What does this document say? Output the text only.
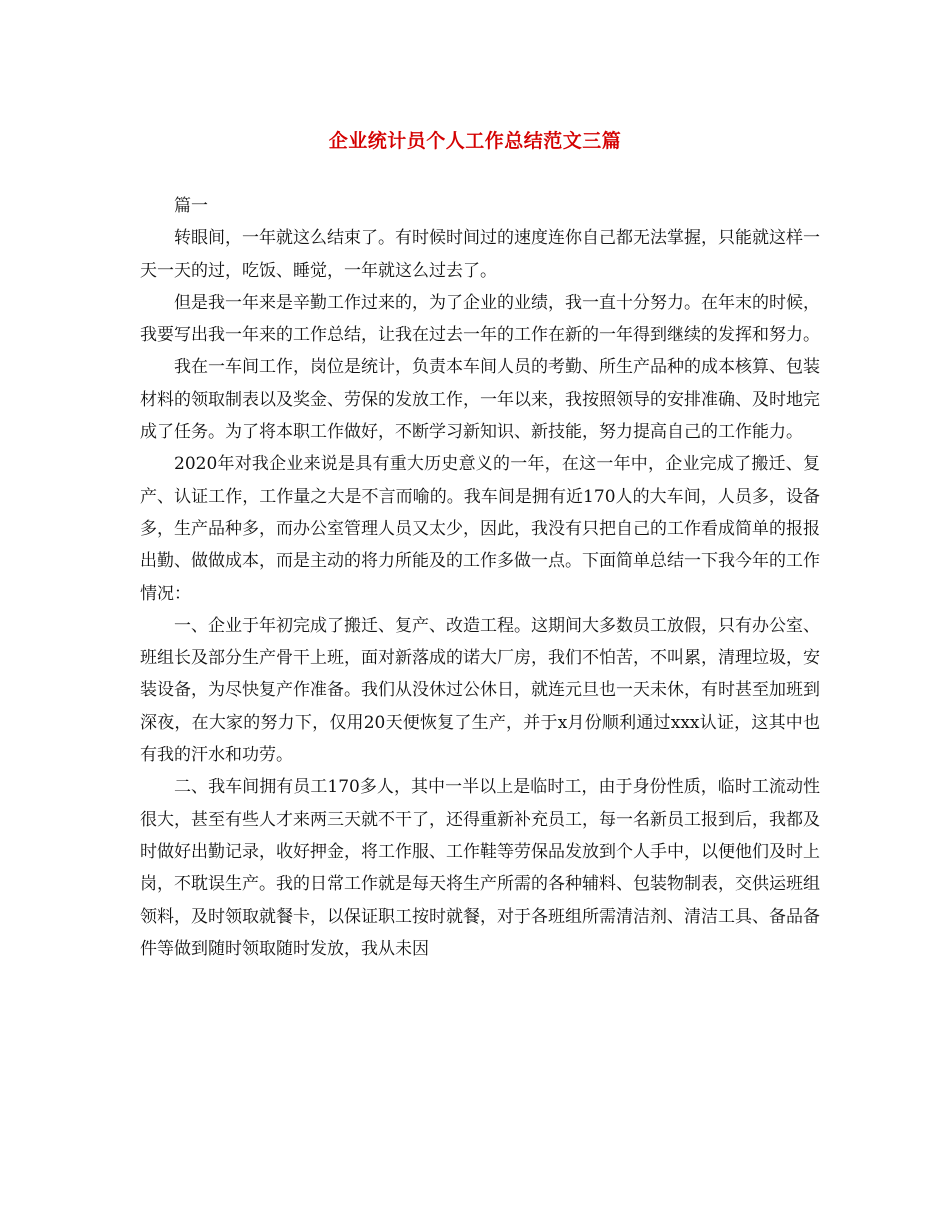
企业统计员个人工作总结范文三篇

篇一

转眼间，一年就这么结束了。有时候时间过的速度连你自己都无法掌握，只能就这样一天一天的过，吃饭、睡觉，一年就这么过去了。

但是我一年来是辛勤工作过来的，为了企业的业绩，我一直十分努力。在年末的时候，我要写出我一年来的工作总结，让我在过去一年的工作在新的一年得到继续的发挥和努力。

我在一车间工作，岗位是统计，负责本车间人员的考勤、所生产品种的成本核算、包装材料的领取制表以及奖金、劳保的发放工作，一年以来，我按照领导的安排准确、及时地完成了任务。为了将本职工作做好，不断学习新知识、新技能，努力提高自己的工作能力。

2020年对我企业来说是具有重大历史意义的一年，在这一年中，企业完成了搬迁、复产、认证工作，工作量之大是不言而喻的。我车间是拥有近170人的大车间，人员多，设备多，生产品种多，而办公室管理人员又太少，因此，我没有只把自己的工作看成简单的报报出勤、做做成本，而是主动的将力所能及的工作多做一点。下面简单总结一下我今年的工作情况：

一、企业于年初完成了搬迁、复产、改造工程。这期间大多数员工放假，只有办公室、班组长及部分生产骨干上班，面对新落成的诺大厂房，我们不怕苦，不叫累，清理垃圾，安装设备，为尽快复产作准备。我们从没休过公休日，就连元旦也一天未休，有时甚至加班到深夜，在大家的努力下，仅用20天便恢复了生产，并于x月份顺利通过xxx认证，这其中也有我的汗水和功劳。

二、我车间拥有员工170多人，其中一半以上是临时工，由于身份性质，临时工流动性很大，甚至有些人才来两三天就不干了，还得重新补充员工，每一名新员工报到后，我都及时做好出勤记录，收好押金，将工作服、工作鞋等劳保品发放到个人手中，以便他们及时上岗，不耽误生产。我的日常工作就是每天将生产所需的各种辅料、包装物制表，交供运班组领料，及时领取就餐卡，以保证职工按时就餐，对于各班组所需清洁剂、清洁工具、备品备件等做到随时领取随时发放，我从未因
